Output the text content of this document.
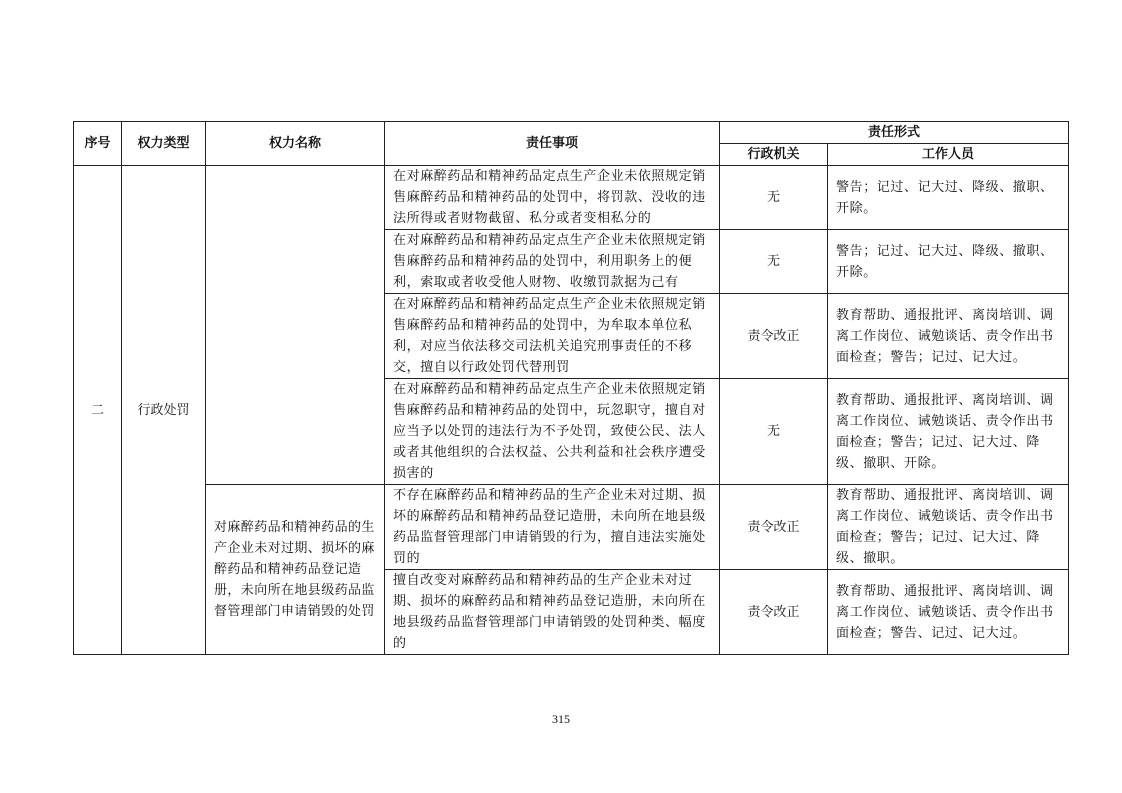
序号	权力类型	权力名称	责任事项	责任形式	
				行政机关	工作人员
二	行政处罚		在对麻醉药品和精神药品定点生产企业未依照规定销售麻醉药品和精神药品的处罚中，将罚款、没收的违法所得或者财物截留、私分或者变相私分的	无	警告；记过、记大过、降级、撤职、开除。
			在对麻醉药品和精神药品定点生产企业未依照规定销售麻醉药品和精神药品的处罚中，利用职务上的便利，索取或者收受他人财物、收缴罚款据为己有	无	警告；记过、记大过、降级、撤职、开除。
			在对麻醉药品和精神药品定点生产企业未依照规定销售麻醉药品和精神药品的处罚中，为牟取本单位私利，对应当依法移交司法机关追究刑事责任的不移交，擅自以行政处罚代替刑罚	责令改正	教育帮助、通报批评、离岗培训、调离工作岗位、诫勉谈话、责令作出书面检查；警告；记过、记大过。
			在对麻醉药品和精神药品定点生产企业未依照规定销售麻醉药品和精神药品的处罚中，玩忽职守，擅自对应当予以处罚的违法行为不予处罚，致使公民、法人或者其他组织的合法权益、公共利益和社会秩序遭受损害的	无	教育帮助、通报批评、离岗培训、调离工作岗位、诫勉谈话、责令作出书面检查；警告；记过、记大过、降级、撤职、开除。
		对麻醉药品和精神药品的生产企业未对过期、损坏的麻醉药品和精神药品登记造册，未向所在地县级药品监督管理部门申请销毁的处罚	不存在麻醉药品和精神药品的生产企业未对过期、损坏的麻醉药品和精神药品登记造册，未向所在地县级药品监督管理部门申请销毁的行为，擅自违法实施处罚的	责令改正	教育帮助、通报批评、离岗培训、调离工作岗位、诫勉谈话、责令作出书面检查；警告；记过、记大过、降级、撤职。
			擅自改变对麻醉药品和精神药品的生产企业未对过期、损坏的麻醉药品和精神药品登记造册，未向所在地县级药品监督管理部门申请销毁的处罚种类、幅度的	责令改正	教育帮助、通报批评、离岗培训、调离工作岗位、诫勉谈话、责令作出书面检查；警告、记过、记大过。
315
